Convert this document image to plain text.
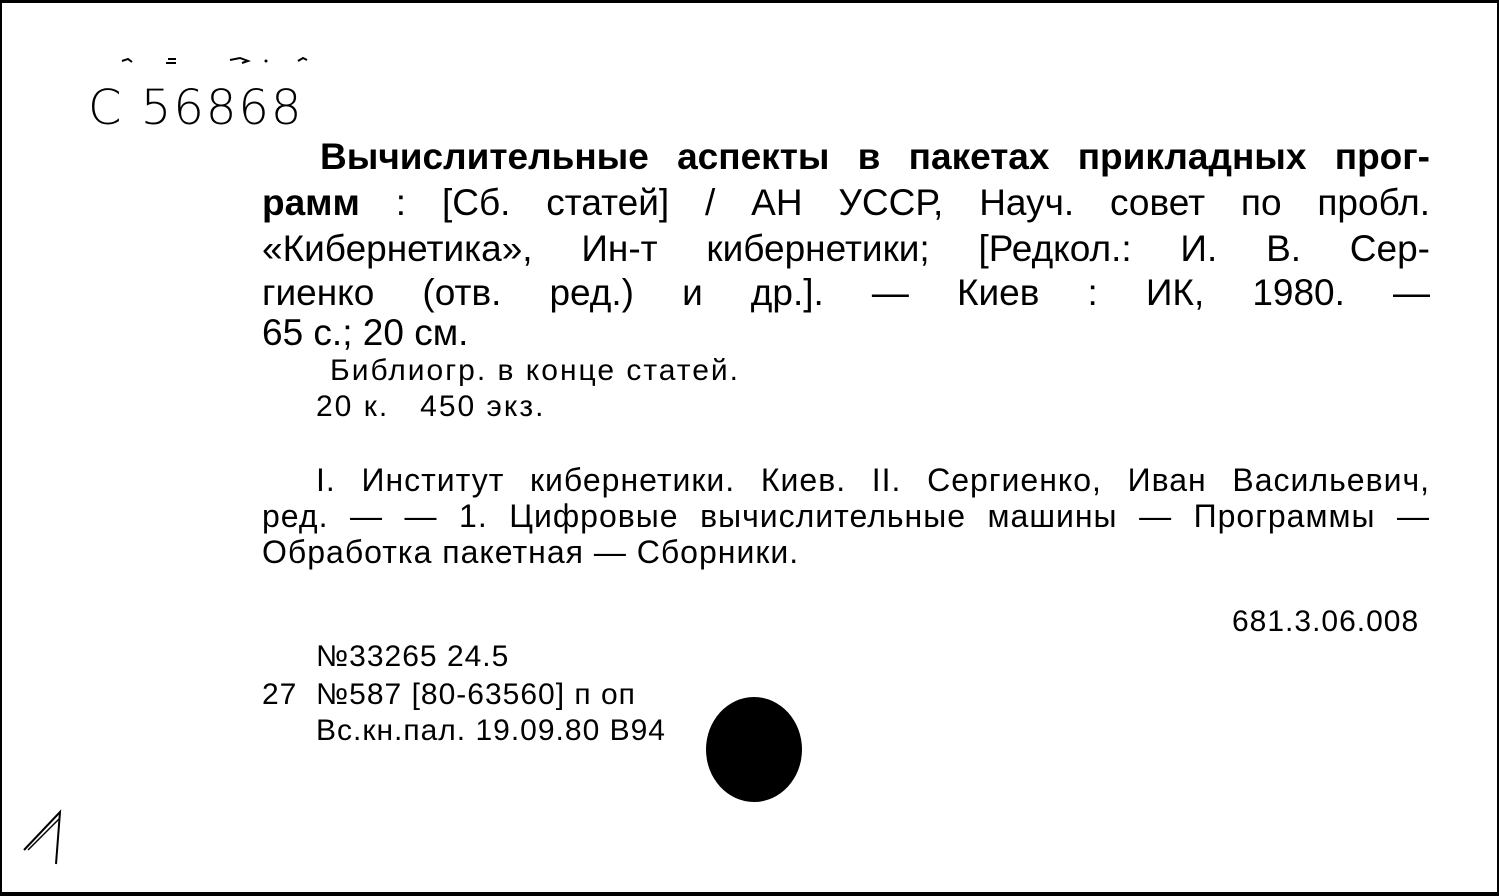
С 56868
Вычислительные аспекты в пакетах прикладных прог-
рамм : [Сб. статей] / АН УССР, Науч. совет по пробл.
«Кибернетика», Ин-т кибернетики; [Редкол.: И. В. Сер-
гиенко (отв. ред.) и др.]. — Киев : ИК, 1980. —
65 с.; 20 см.
Библиогр. в конце статей.
20 к.   450 экз.
I. Институт кибернетики. Киев. II. Сергиенко, Иван Васильевич,
ред. — — 1. Цифровые вычислительные машины — Программы —
Обработка пакетная — Сборники.
681.3.06.008
№33265 24.5
27 №587 [80-63560] п оп
Вс.кн.пал. 19.09.80 В94
